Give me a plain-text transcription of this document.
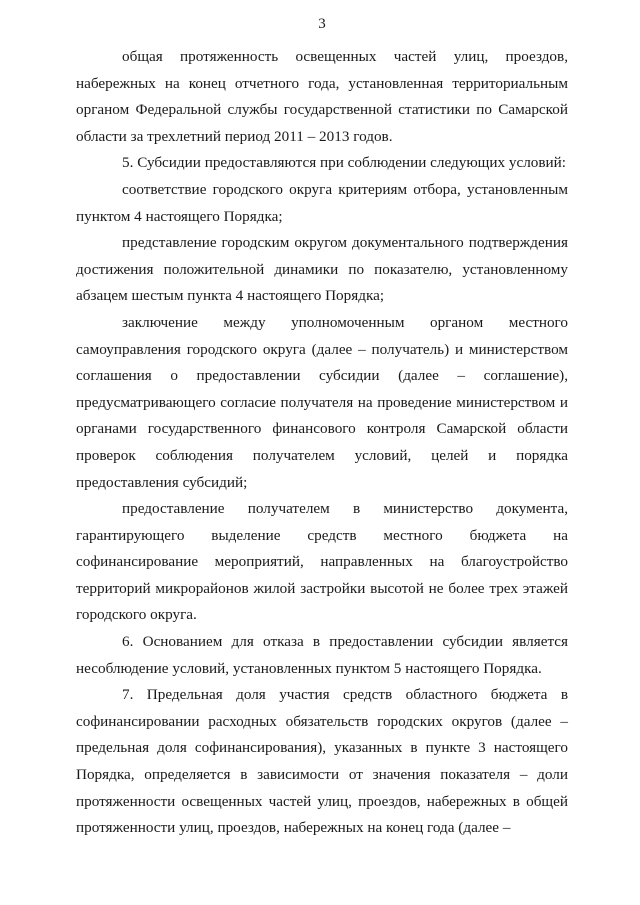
3

общая протяженность освещенных частей улиц, проездов, набережных на конец отчетного года, установленная территориальным органом Федеральной службы государственной статистики по Самарской области за трехлетний период 2011 – 2013 годов.

5. Субсидии предоставляются при соблюдении следующих условий:

соответствие городского округа критериям отбора, установленным пунктом 4 настоящего Порядка;

представление городским округом документального подтверждения достижения положительной динамики по показателю, установленному абзацем шестым пункта 4 настоящего Порядка;

заключение между уполномоченным органом местного самоуправления городского округа (далее – получатель) и министерством соглашения о предоставлении субсидии (далее – соглашение), предусматривающего согласие получателя на проведение министерством и органами государственного финансового контроля Самарской области проверок соблюдения получателем условий, целей и порядка предоставления субсидий;

предоставление получателем в министерство документа, гарантирующего выделение средств местного бюджета на софинансирование мероприятий, направленных на благоустройство территорий микрорайонов жилой застройки высотой не более трех этажей городского округа.

6. Основанием для отказа в предоставлении субсидии является несоблюдение условий, установленных пунктом 5 настоящего Порядка.

7. Предельная доля участия средств областного бюджета в софинансировании расходных обязательств городских округов (далее – предельная доля софинансирования), указанных в пункте 3 настоящего Порядка, определяется в зависимости от значения показателя – доли протяженности освещенных частей улиц, проездов, набережных в общей протяженности улиц, проездов, набережных на конец года (далее –
